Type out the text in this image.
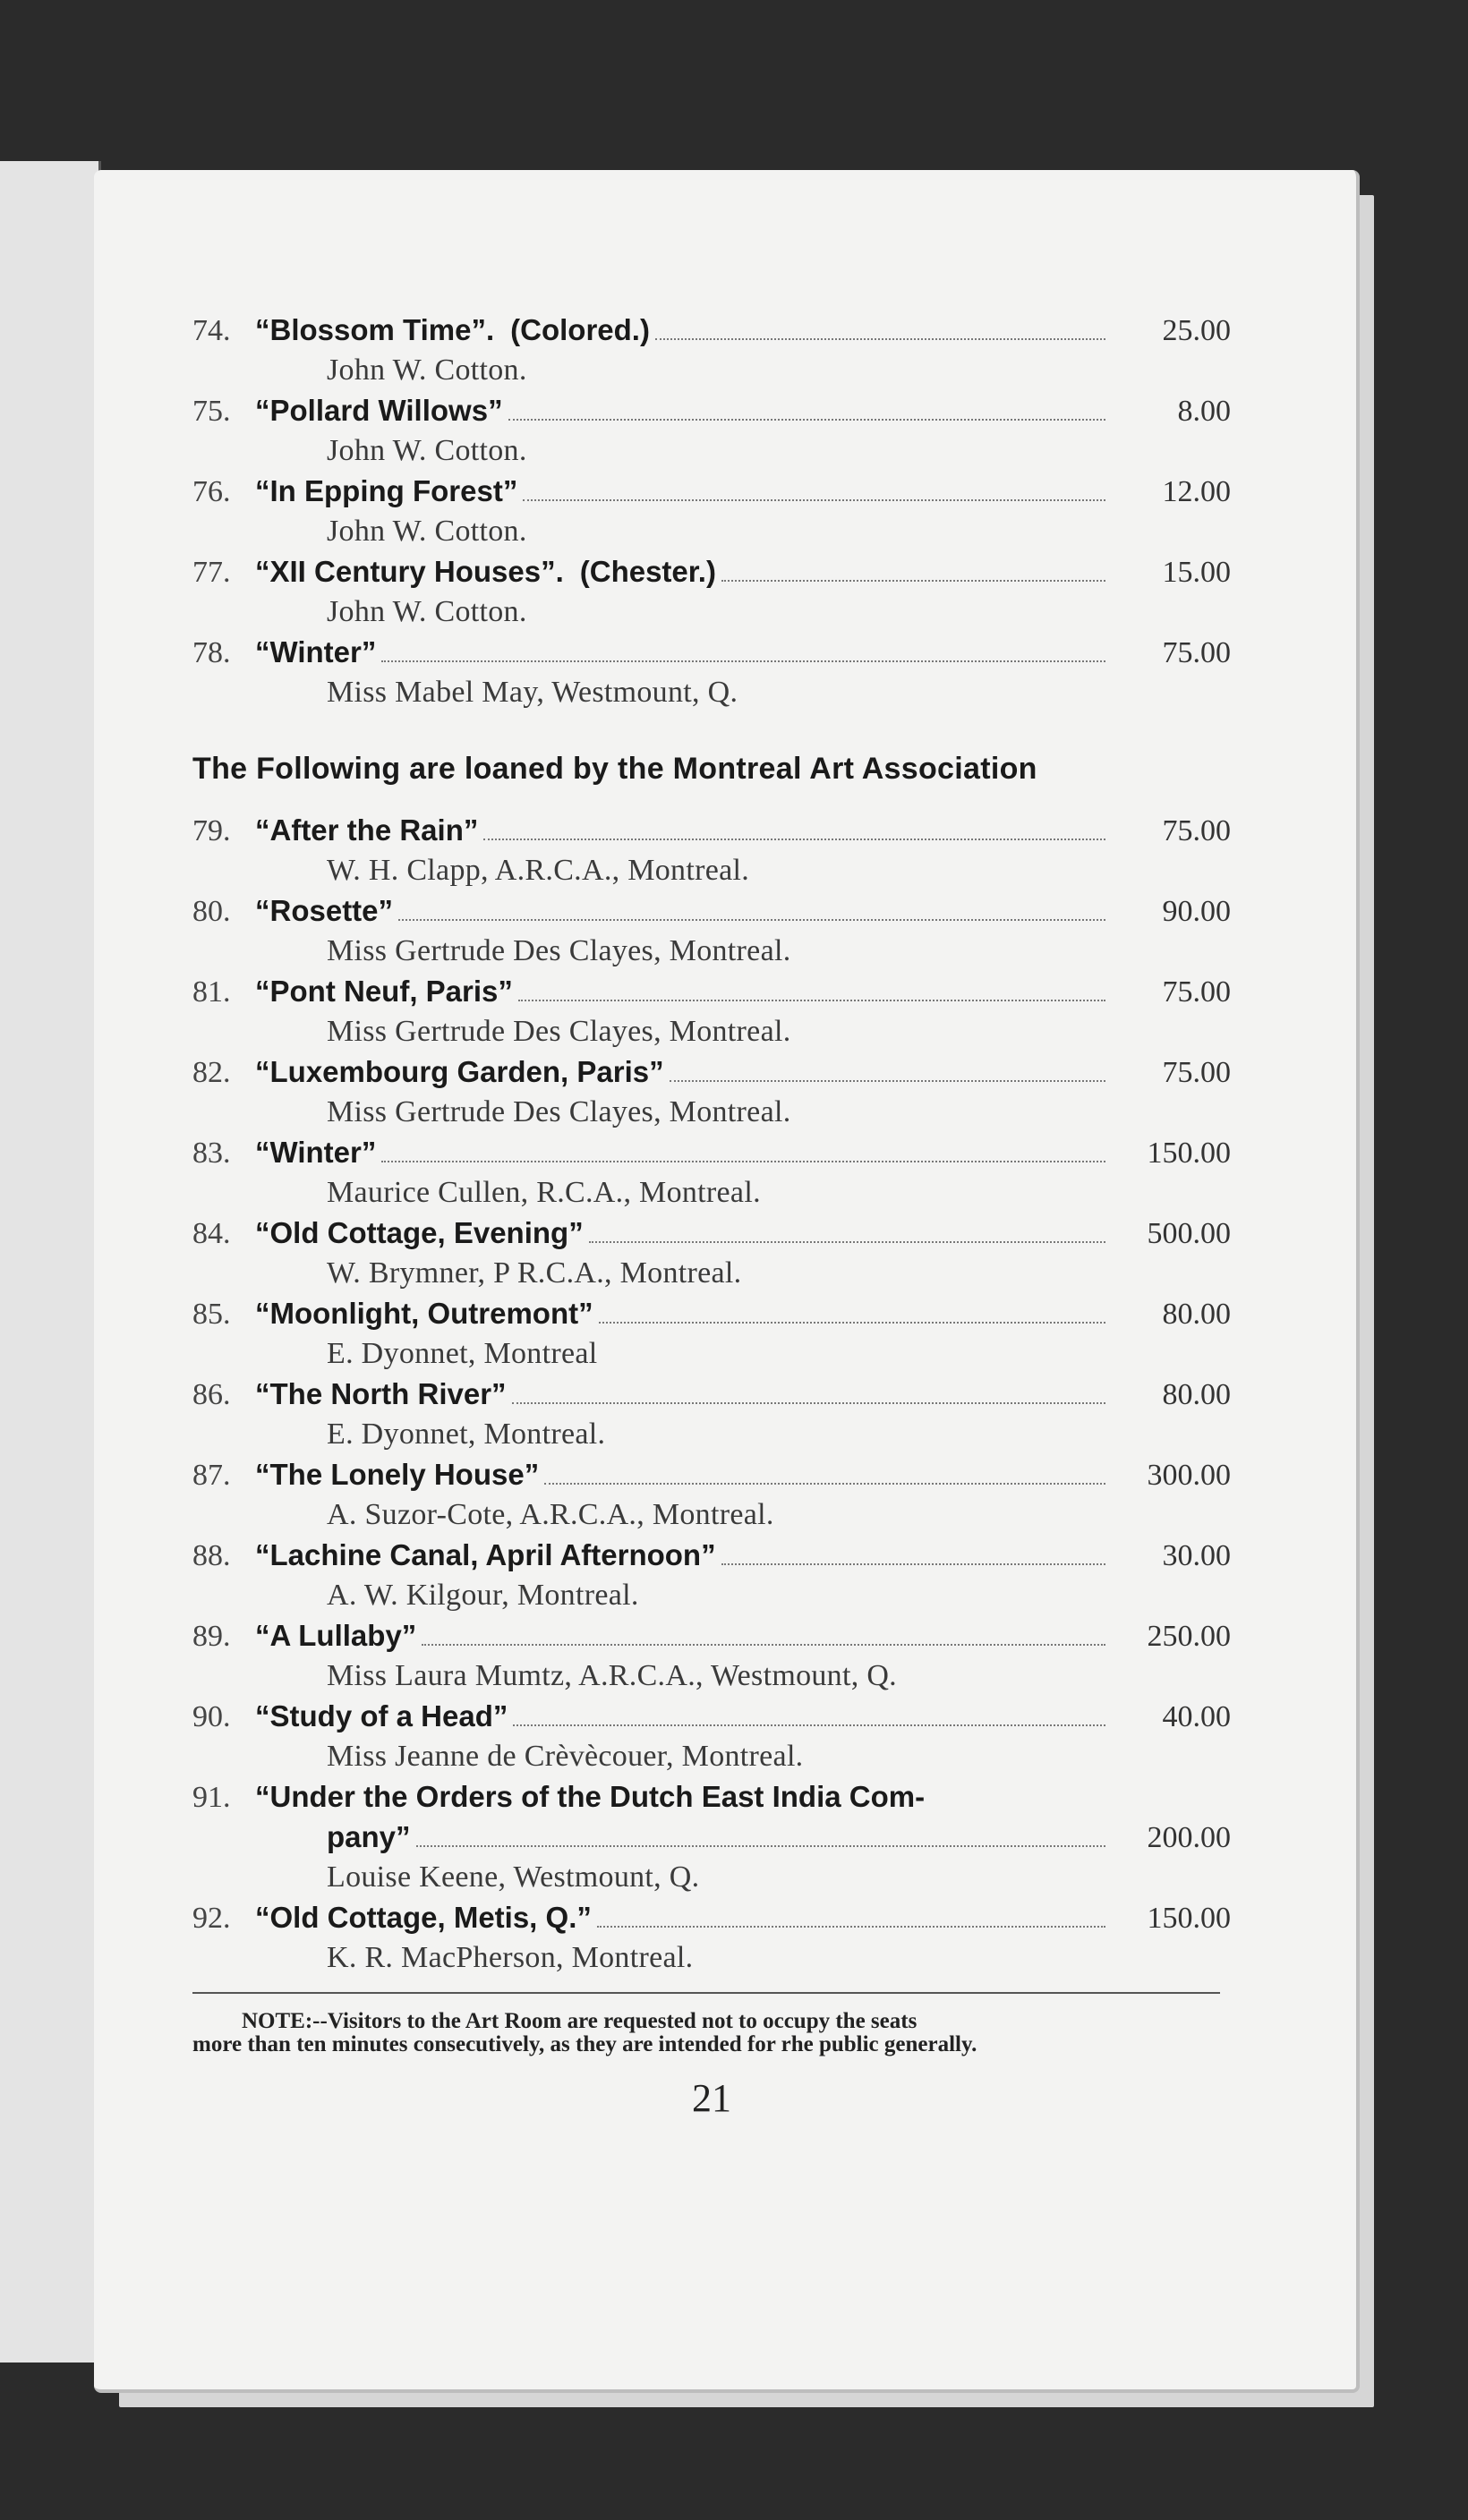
74. “Blossom Time”. (Colored.)	25.00
John W. Cotton.
75. “Pollard Willows”	8.00
John W. Cotton.
76. “In Epping Forest”	12.00
John W. Cotton.
77. “XII Century Houses”. (Chester.)	15.00
John W. Cotton.
78. “Winter”	75.00
Miss Mabel May, Westmount, Q.
The Following are loaned by the Montreal Art Association
79. “After the Rain”	75.00
W. H. Clapp, A.R.C.A., Montreal.
80. “Rosette”	90.00
Miss Gertrude Des Clayes, Montreal.
81. “Pont Neuf, Paris”	75.00
Miss Gertrude Des Clayes, Montreal.
82. “Luxembourg Garden, Paris”	75.00
Miss Gertrude Des Clayes, Montreal.
83. “Winter”	150.00
Maurice Cullen, R.C.A., Montreal.
84. “Old Cottage, Evening”	500.00
W. Brymner, P R.C.A., Montreal.
85. “Moonlight, Outremont”	80.00
E. Dyonnet, Montreal
86. “The North River”	80.00
E. Dyonnet, Montreal.
87. “The Lonely House”	300.00
A. Suzor-Cote, A.R.C.A., Montreal.
88. “Lachine Canal, April Afternoon”	30.00
A. W. Kilgour, Montreal.
89. “A Lullaby”	250.00
Miss Laura Mumtz, A.R.C.A., Westmount, Q.
90. “Study of a Head”	40.00
Miss Jeanne de Crèvècouer, Montreal.
91. “Under the Orders of the Dutch East India Com-
pany”	200.00
Louise Keene, Westmount, Q.
92. “Old Cottage, Metis, Q.”	150.00
K. R. MacPherson, Montreal.
NOTE:--Visitors to the Art Room are requested not to occupy the seats
more than ten minutes consecutively, as they are intended for rhe public generally.
21
